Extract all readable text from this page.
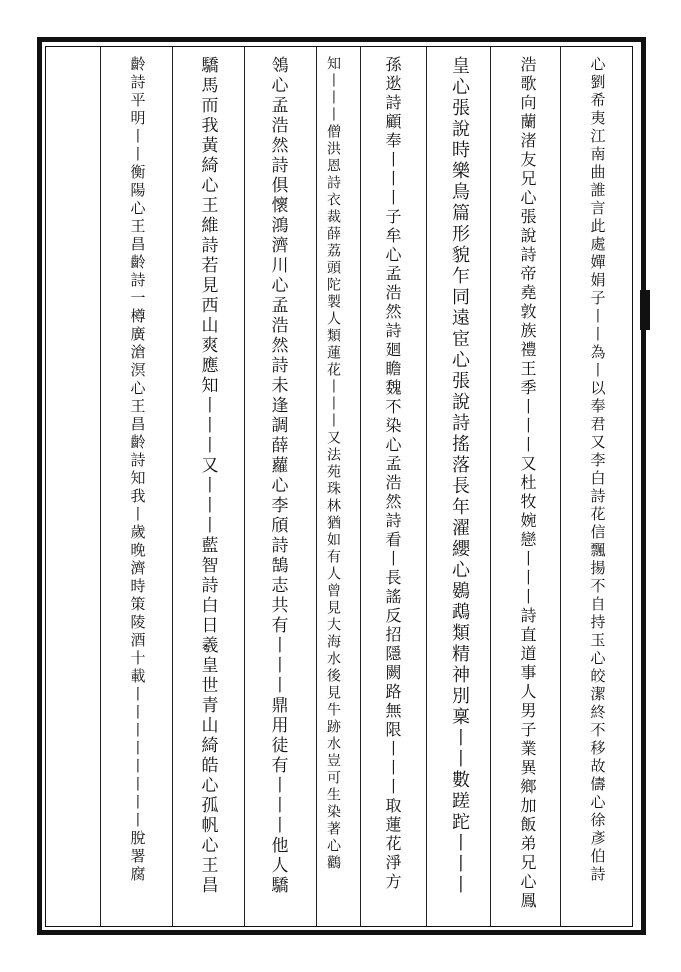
心劉希夷江南曲誰言此處嬋娟子丨丨為丨以奉君又李白詩花信飄揚不自持玉心皎潔終不移故儔心徐彥伯詩
浩歌向蘭渚友兄心張說詩帝堯敦族禮王季丨丨丨又杜牧婉戀丨丨丨詩直道事人男子業異鄉加飯弟兄心鳳
皇心張說時樂鳥篇形貌乍同遠宦心張說詩搖落長年濯纓心鷃鵡類精神別稟丨丨數蹉跎丨丨丨
孫逖詩顧奉丨丨丨子牟心孟浩然詩廻瞻魏不染心孟浩然詩看丨長謠反招隱闕路無限丨丨丨取蓮花淨方
知丨丨丨僧洪恩詩衣裁薛荔頭陀製人類蓮花丨丨丨又法苑珠林猶如有人曾見大海水後見牛跡水豈可生染著心鸛
鴒心孟浩然詩俱懷鴻濟川心孟浩然詩未逢調薛蘿心李頎詩鵠志共有丨丨丨鼎用徒有丨丨丨他人驕
驕馬而我黃綺心王維詩若見西山爽應知丨丨丨又丨丨丨藍智詩白日羲皇世青山綺皓心孤帆心王昌
齡詩平明丨丨衡陽心王昌齡詩一樽廣滄溟心王昌齡詩知我丨歲晚濟時策陵酒十載丨丨丨丨丨丨丨丨脫署腐
